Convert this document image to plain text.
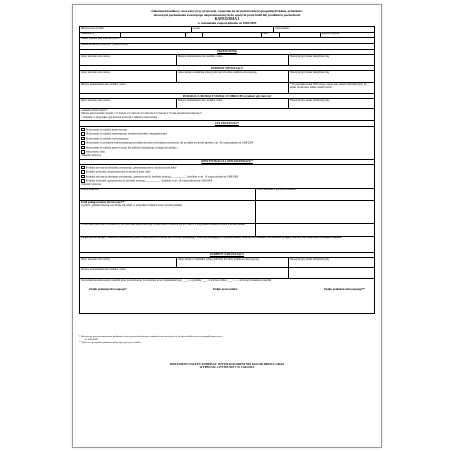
Dokument handlowy stosowany przy przewozie, wyłącznie na terytorium Rzeczypospolitej Polskiej, produktów
ubocznych pochodzenia zwierzęcego nieprzeznaczonych do spożycia przez ludzi lub produktów pochodnych
KATEGORIA 2
w rozumieniu rozporządzenia nr 1069/2009
Miejscowość wysyłki	powiat	województwo
dokument nr	z	data	godzina wysyłki
Numer rejestracyjny ustalony przez ...
Numer kontenera („lord BIC"), jeżeli dotyczy
PRZEWOŹNIK
Imię i nazwisko albo nazwa	Miejsce zamieszkania albo siedziba i adres	Weterynaryjny numer identyfikacyjny
PODMIOT ZBYWAJĄCY
Imię i nazwisko albo nazwa	Adres miejsca załadunku (adres) jeśli inny niż adres podmiotu zbywającego	Weterynaryjny numer identyfikacyjny
Miejsce zamieszkania albo siedziba i adres	* W przypadku braku WNI należy wpisać inny numer identyfikacyjny, np. numer producenta, numer siedziby stada
POSIADACZ, BIORĄCY UDZIAŁ W OBROCIE (wypełnić, gdy dotyczy)
Imię i nazwisko albo nazwa	Miejsce zamieszkania albo siedziba i adres	Weterynaryjny numer identyfikacyjny
Gatunek przetwórczyni:*
Metoda przetwarzania: metoda 1 ☐ metoda 2 ☐ metoda 3 ☐ metoda 4 ☐ metoda 5 ☐ inna zatwierdzona metoda ☐
* Zakreślić w przypadku, gdy materiał pochodzi z zakładu przetwarzania
CEL PRZEWOZU*
Dostarczenie do zakładu przetwórczego
Dostarczenie do zakładu wykonującego działanie pośrednie z magazynowania
Dostarczenie do zakładu wytwarzającego
Dostarczenie do podmiotu wykorzystującego produkty uboczne pochodzenia zwierzęcego lub produkty pochodne zgodnie z art. 18 rozporządzenia nr 1069/2009
Dostarczenie do zakładu przetwórczego lub zakładu realizującego strategię lub zakładu ...
Inny (wpisać jaki)
Zakreślić właściwe
IDENTYFIKACJA I OPIS MATERIAŁU*
Produkty uboczne pochodzenia zwierzęcego „nieprzeznaczone do spożycia przez ludzi"
Produkty pochodne „nieprzeznaczone do spożycia przez ludzi"
Produkty uboczne pochodzenia zwierzęcego „przeznaczone do żywienia zwierząt ___________" określone w art. 18 rozporządzenia nr 1069/2009
Produkty pochodne „przeznaczone do żywienia zwierząt ___________" określone w art. 18 rozporządzenia nr 1069/2009
Zakreślić właściwe
Rodzaj materiału:	Ilość materiału w kg/litrach/sztukach
Jeżeli podlega zwierzęt lub ich części**
(wybierz: gatunek zwierząt oraz liczbę ich sztuk), w przypadku dotknięte przez wybrane gatunki)
Nr kolczyka, jeżeli jest obowiązkowy, lub inny znak identyfikacyjny zwłoki padłych zwierząt lub ich części, w przypadku dotkniętych przez wybrane gatunki
Podpis potwierdzający właściwe przeznaczenie, jeżeli zwłoki padłych zwierząt lub ich części podlegają, z obecnym podlegających ograniczeniom, właściwe lub badaniu, zatwierdzone przepisy ochrony kod stosowania obowiązku badania.
PODMIOT NABYWAJĄCY
Imię i nazwisko albo nazwa	Adres miejsca rozładunku (adres) jeśli inny niż adres podmiotu nabywającego	Weterynaryjny numer identyfikacyjny
Miejsce zamieszkania albo siedziba i adres
Stwierdzam konsumowanie przesyłki przez potwierdzenie, że przesyłka wraz z dokumentem jest ____ r. o godzinie ____, w liczbie podmiot ____ i ...... dotyczących numeru przesyłki
Podpis podmiotu zbywającego*	Podpis przewoźnika:	Podpis podmiotu nabywającego**
* Nieczytelny przy przekazywaniu poddanych zwierząt pochodzenia przez podmiot przechowujący do ich unieszkodliwienia w przypadku przewozu ...
nr 1069/2009
** Tylko w egzemplarzu podmiotu nabywającego i przewoźnika
DOKUMENT NALEŻY PODPISAĆ INNYM KOLOREM NIŻ KOLOR DRUKU ORAZ
WYPEŁNIĆ CZYTELNIE I W CAŁOŚCI
